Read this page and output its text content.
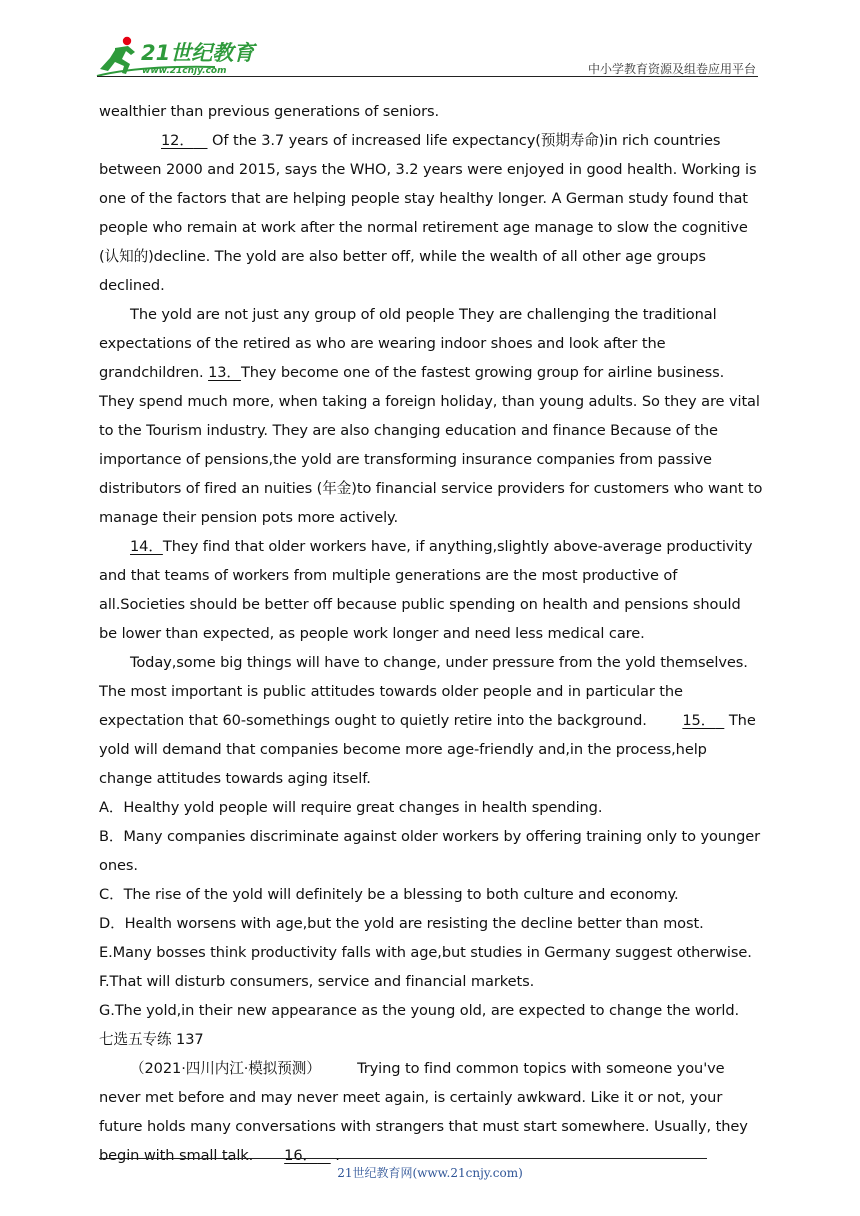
21世纪教育
www.21cnjy.com	中小学教育资源及组卷应用平台

wealthier than previous generations of seniors.

12． Of the 3.7 years of increased life expectancy(预期寿命)in rich countries between 2000 and 2015, says the WHO, 3.2 years were enjoyed in good health. Working is one of the factors that are helping people stay healthy longer. A German study found that people who remain at work after the normal retirement age manage to slow the cognitive (认知的)decline. The yold are also better off, while the wealth of all other age groups declined.

The yold are not just any group of old people They are challenging the traditional expectations of the retired as who are wearing indoor shoes and look after the grandchildren. 13．They become one of the fastest growing group for airline business. They spend much more, when taking a foreign holiday, than young adults. So they are vital to the Tourism industry. They are also changing education and finance Because of the importance of pensions,the yold are transforming insurance companies from passive distributors of fired an nuities (年金)to financial service providers for customers who want to manage their pension pots more actively.

14．They find that older workers have, if anything,slightly above-average productivity and that teams of workers from multiple generations are the most productive of all.Societies should be better off because public spending on health and pensions should be lower than expected, as people work longer and need less medical care.

Today,some big things will have to change, under pressure from the yold themselves. The most important is public attitudes towards older people and in particular the expectation that 60-somethings ought to quietly retire into the background. 15．   The yold will demand that companies become more age-friendly and,in the process,help change attitudes towards aging itself.

A．Healthy yold people will require great changes in health spending.

B．Many companies discriminate against older workers by offering training only to younger ones.

C．The rise of the yold will definitely be a blessing to both culture and economy.

D．Health worsens with age,but the yold are resisting the decline better than most.

E.Many bosses think productivity falls with age,but studies in Germany suggest otherwise.

F.That will disturb consumers, service and financial markets.

G.The yold,in their new appearance as the young old, are expected to change the world.

七选五专练 137

（2021·四川内江·模拟预测） Trying to find common topics with someone you've never met before and may never meet again, is certainly awkward. Like it or not, your future holds many conversations with strangers that must start somewhere. Usually, they begin with small talk. 16．    .

21世纪教育网(www.21cnjy.com)
